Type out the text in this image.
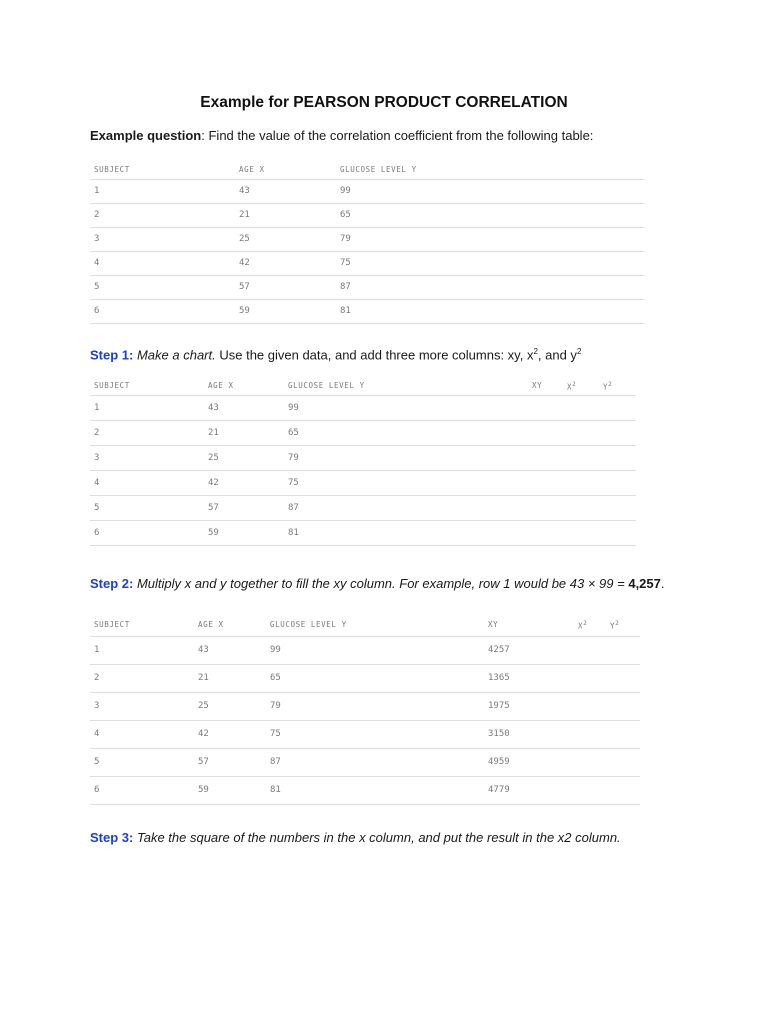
Example for PEARSON PRODUCT CORRELATION
Example question: Find the value of the correlation coefficient from the following table:
SUBJECT	AGE X	GLUCOSE LEVEL Y
1	43	99
2	21	65
3	25	79
4	42	75
5	57	87
6	59	81
Step 1: Make a chart. Use the given data, and add three more columns: xy, $x^2$, and $y^2$
SUBJECT	AGE X	GLUCOSE LEVEL Y	XY	$X^2$	$Y^2$
1	43	99
2	21	65
3	25	79
4	42	75
5	57	87
6	59	81
Step 2: Multiply x and y together to fill the xy column. For example, row 1 would be 43 × 99 = 4,257.
SUBJECT	AGE X	GLUCOSE LEVEL Y	XY	$X^2$	$Y^2$
1	43	99	4257
2	21	65	1365
3	25	79	1975
4	42	75	3150
5	57	87	4959
6	59	81	4779
Step 3: Take the square of the numbers in the x column, and put the result in the x2 column.
